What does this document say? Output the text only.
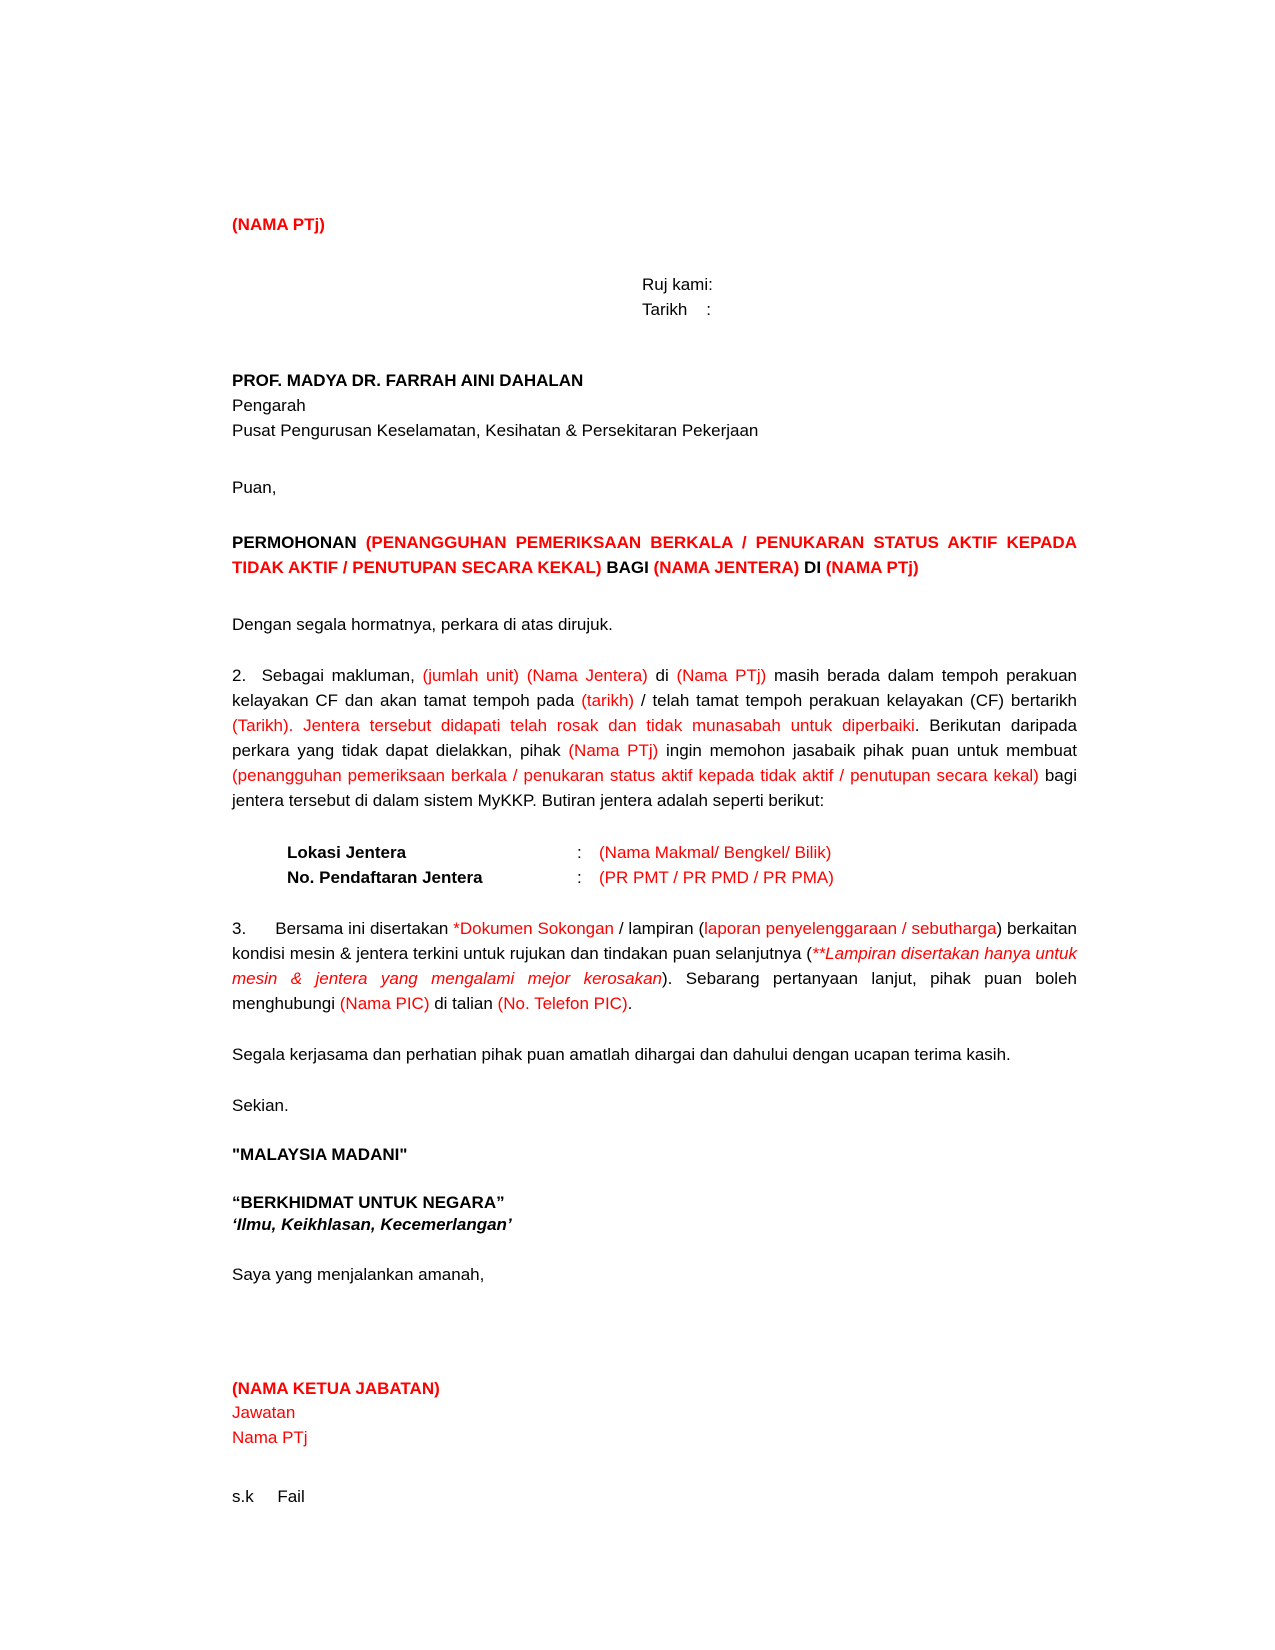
(NAMA PTj)
Ruj kami:
Tarikh    :
PROF. MADYA DR. FARRAH AINI DAHALAN
Pengarah
Pusat Pengurusan Keselamatan, Kesihatan & Persekitaran Pekerjaan
Puan,
PERMOHONAN (PENANGGUHAN PEMERIKSAAN BERKALA / PENUKARAN STATUS AKTIF KEPADA TIDAK AKTIF / PENUTUPAN SECARA KEKAL) BAGI (NAMA JENTERA) DI (NAMA PTj)
Dengan segala hormatnya, perkara di atas dirujuk.
2. Sebagai makluman, (jumlah unit) (Nama Jentera) di (Nama PTj) masih berada dalam tempoh perakuan kelayakan CF dan akan tamat tempoh pada (tarikh) / telah tamat tempoh perakuan kelayakan (CF) bertarikh (Tarikh). Jentera tersebut didapati telah rosak dan tidak munasabah untuk diperbaiki. Berikutan daripada perkara yang tidak dapat dielakkan, pihak (Nama PTj) ingin memohon jasabaik pihak puan untuk membuat (penangguhan pemeriksaan berkala / penukaran status aktif kepada tidak aktif / penutupan secara kekal) bagi jentera tersebut di dalam sistem MyKKP. Butiran jentera adalah seperti berikut:
Lokasi Jentera	:	(Nama Makmal/ Bengkel/ Bilik)
No. Pendaftaran Jentera	:	(PR PMT / PR PMD / PR PMA)
3. Bersama ini disertakan *Dokumen Sokongan / lampiran (laporan penyelenggaraan / sebutharga) berkaitan kondisi mesin & jentera terkini untuk rujukan dan tindakan puan selanjutnya (**Lampiran disertakan hanya untuk mesin & jentera yang mengalami mejor kerosakan). Sebarang pertanyaan lanjut, pihak puan boleh menghubungi (Nama PIC) di talian (No. Telefon PIC).
Segala kerjasama dan perhatian pihak puan amatlah dihargai dan dahului dengan ucapan terima kasih.
Sekian.
"MALAYSIA MADANI"
“BERKHIDMAT UNTUK NEGARA”
‘Ilmu, Keikhlasan, Kecemerlangan’
Saya yang menjalankan amanah,
(NAMA KETUA JABATAN)
Jawatan
Nama PTj
s.k     Fail
